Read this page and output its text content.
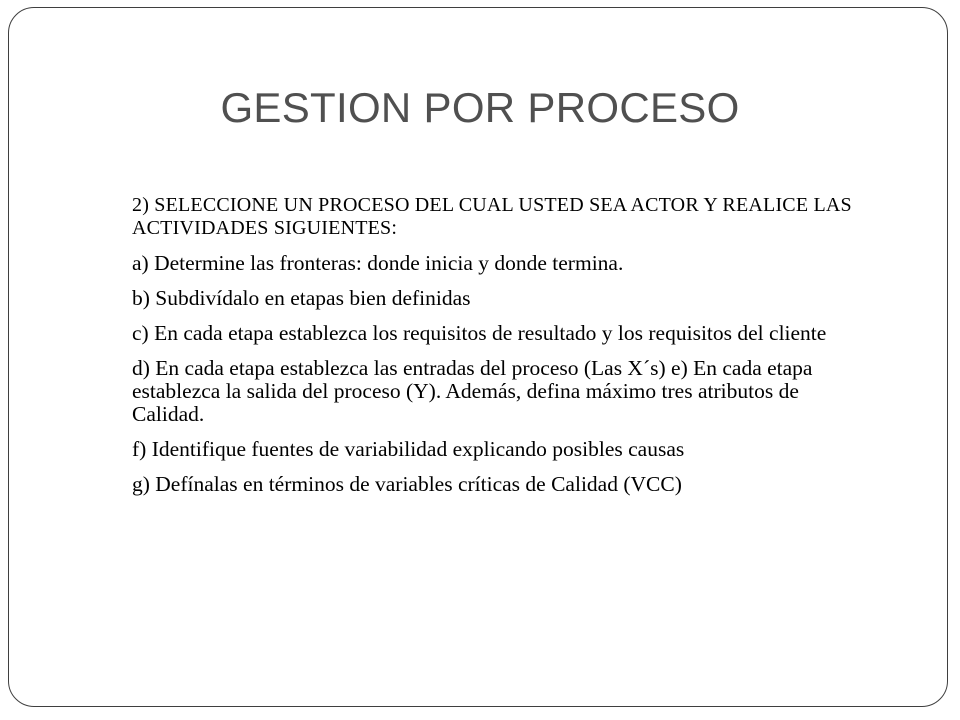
GESTION POR PROCESO

2) SELECCIONE UN PROCESO DEL CUAL USTED SEA ACTOR Y REALICE LAS ACTIVIDADES SIGUIENTES:

a) Determine las fronteras: donde inicia y donde termina.

b) Subdivídalo en etapas bien definidas

c) En cada etapa establezca los requisitos de resultado y los requisitos del cliente

d) En cada etapa establezca las entradas del proceso (Las X´s) e) En cada etapa establezca la salida del proceso (Y). Además, defina máximo tres atributos de Calidad.

f) Identifique fuentes de variabilidad explicando posibles causas

g) Defínalas en términos de variables críticas de Calidad (VCC)
